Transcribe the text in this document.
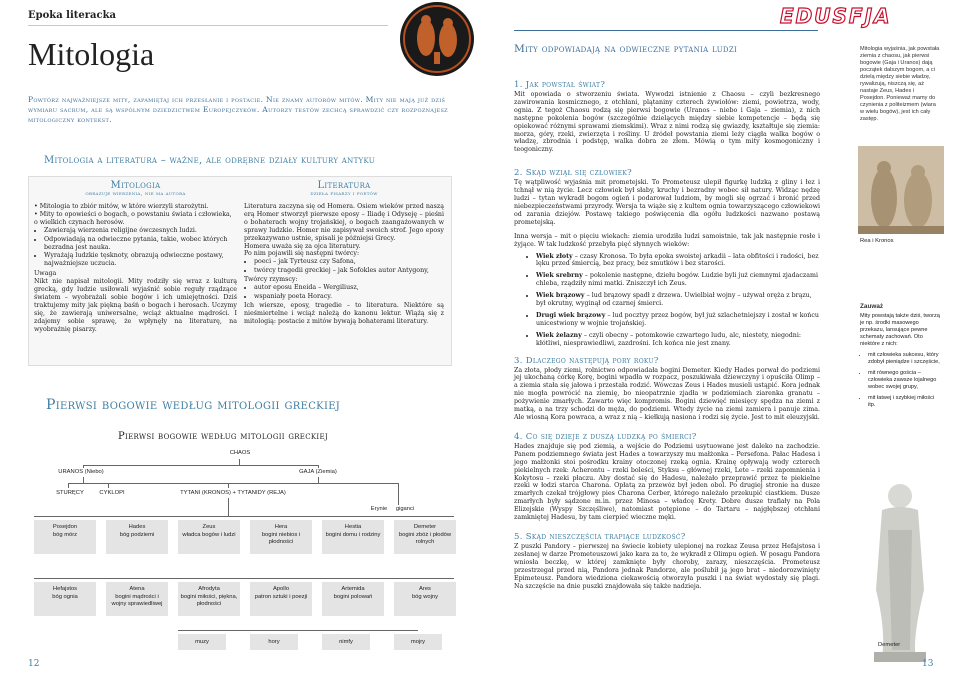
Epoka literacka
Mitologia

Powtórz najważniejsze mity, zapamiętaj ich przesłanie i postacie. Nie znamy autorów mitów. Mity nie mają już dziś wymiaru sacrum, ale są wspólnym dziedzictwem Europejczyków. Autorzy testów zechcą sprawdzić czy rozpoznajesz mitologiczny kontekst.

Mitologia a literatura – ważne, ale odrębne działy kultury antyku
Mitologia
obrazuje wierzenia, nie ma autora

• Mitologia to zbiór mitów, w które wierzyli starożytni.

• Mity to opowieści o bogach, o powstaniu świata i człowieka, o wielkich czynach herosów.

• Zawierają wierzenia religijne ówczesnych ludzi.
• Odpowiadają na odwieczne pytania, takie, wobec których bezradna jest nauka.
• Wyrażają ludzkie tęsknoty, obrazują odwieczne postawy, najważniejsze uczucia.

Uwaga

Nikt nie napisał mitologii. Mity rodziły się wraz z kulturą grecką, gdy ludzie usiłowali wyjaśnić sobie reguły rządzące światem – wyobrażali sobie bogów i ich umiejętności. Dziś traktujemy mity jak piękną baśń o bogach i herosach. Uczymy się, że zawierają uniwersalne, wciąż aktualne mądrości. I zdajemy sobie sprawę, że wpłynęły na literaturę, na wyobraźnię pisarzy.

Literatura
dzieła pisarzy i poetów

Literatura zaczyna się od Homera. Osiem wieków przed naszą erą Homer stworzył pierwsze eposy – Iliadę i Odyseję – pieśni o bohaterach wojny trojańskiej, o bogach zaangażowanych w sprawy ludzkie. Homer nie zapisywał swoich strof. Jego eposy przekazywano ustnie, spisali je późniejsi Grecy.

Homera uważa się za ojca literatury.

Po nim pojawili się następni twórcy:

• poeci – jak Tyrteusz czy Safona,
• twórcy tragedii greckiej – jak Sofokles autor Antygony,

Twórcy rzymscy:

• autor eposu Eneida – Wergiliusz,
• wspaniały poeta Horacy.

Ich wiersze, eposy, tragedie – to literatura. Niektóre są nieśmiertelne i wciąż należą do kanonu lektur. Wiążą się z mitologią: postacie z mitów bywają bohaterami literatury.

Pierwsi bogowie według mitologii greckiej
Pierwsi bogowie według mitologii greckiej
CHAOS
URANOS (Niebo)	GAJA (Ziemia)
STURĘCY	CYKLOPI	TYTANI (KRONOS) + TYTANIDY (REJA)
Erynie	giganci
Posejdon
bóg mórz
Hades
bóg podziemi
Zeus
władca bogów i ludzi
Hera
bogini niebios i płodności
Hestia
bogini domu i rodziny
Demeter
bogini zbóż i płodów rolnych
Hefajstos
bóg ognia
Atena
bogini mądrości i wojny sprawiedliwej
Afrodyta
bogini miłości, piękna, płodności
Apollo
patron sztuki i poezji
Artemida
bogini polowań
Ares
bóg wojny
muzy	hory	nimfy	mojry
12
EDUSFJA
Mity odpowiadają na odwieczne pytania ludzi
1. Jak powstał świat?

Mit opowiada o stworzeniu świata. Wywodzi istnienie z Chaosu – czyli bezkresnego zawirowania kosmicznego, z otchłani, plątaniny czterech żywiołów: ziemi, powietrza, wody, ognia. Z tegoż Chaosu rodzą się pierwsi bogowie (Uranos – niebo i Gaja – ziemia), z nich następne pokolenia bogów (szczególnie dzielących między siebie kompetencje – będą się opiekować różnymi sprawami ziemskimi). Wraz z nimi rodzą się gwiazdy, kształtuje się ziemia: morza, góry, rzeki, zwierzęta i rośliny. U źródeł powstania ziemi leży ciągła walka bogów o władzę, zbrodnia i podstęp, walka dobra ze złem. Mówią o tym mity kosmogoniczny i teogoniczny.

2. Skąd wziął się człowiek?

Tę wątpliwość wyjaśnia mit prometejski. To Prometeusz ulepił figurkę ludzką z gliny i łez i tchnął w nią życie. Lecz człowiek był słaby, kruchy i bezradny wobec sił natury. Widząc nędzę ludzi – tytan wykradł bogom ogień i podarował ludziom, by mogli się ogrzać i bronić przed niebezpieczeństwami przyrody. Wersja ta wiąże się z kultem ognia towarzyszącego człowiekowi od zarania dziejów. Postawę takiego poświęcenia dla ogółu ludzkości nazwano postawą prometejską.

Inna wersja – mit o pięciu wiekach: ziemia urodziła ludzi samoistnie, tak jak następnie rosłe i żyjące. W tak ludzkość przebyła pięć słynnych wieków:

• Wiek złoty – czasy Kronosa. To była epoka swoistej arkadii – lata obfitości i radości, bez lęku przed śmiercią, bez pracy, bez smutków i bez starości.
• Wiek srebrny – pokolenie następne, dziełu bogów. Ludzie byli już ciemnymi zjadaczami chleba, rządziły nimi matki. Zniszczył ich Zeus.
• Wiek brązowy – lud brązowy spadł z drzewa. Uwielbiał wojny – używał oręża z brązu, był okrutny, wyginął od czarnej śmierci.
• Drugi wiek brązowy – lud pocztyy przez bogów, był już szlachetniejszy i został w końcu unicestwiony w wojnie trojańskiej.
• Wiek żelazny – czyli obecny – potomkowie czwartego ludu, alc, niestety, niegodni: kłótliwi, niesprawiedliwi, zazdrośni. Ich końca nie jest znany.
3. Dlaczego następują pory roku?

Za złota, płody ziemi, rolnictwo odpowiadała bogini Demeter. Kiedy Hades porwał do podziemi jej ukochaną córkę Korę, bogini wpadła w rozpacz, poszukiwała dziewczyny i opuściła Olimp – a ziemia stała się jałowa i przestała rodzić. Wówczas Zeus i Hades musieli ustąpić. Kora jednak nie mogła powrócić na ziemię, bo nieopatrznie zjadła w podziemiach ziarenka granatu – pożywienie zmarłych. Zawarto więc kompromis. Bogini dziewięć miesięcy spędza na ziemi z matką, a na trzy schodzi do męża, do podziemi. Wtedy życie na ziemi zamiera i panuje zima. Ale wiosną Kora powraca, a wraz z nią – kiełkują nasiona i rodzi się życie. Jest to mit eleuzyjski.

4. Co się dzieje z duszą ludzką po śmierci?

Hades znajduje się pod ziemią, a wejście do Podziemi usytuowane jest daleko na zachodzie. Panem podziemnego świata jest Hades a towarzyszy mu małżonka – Persefona. Pałac Hadesa i jego małżonki stoi pośrodku krainy otoczonej rzeką ognia. Krainę opływają wody czterech piekielnych rzek: Acherontu – rzeki boleści, Styksu – głównej rzeki, Lete – rzeki zapomnienia i Kokytosu – rzeki płaczu. Aby dostać się do Hadesu, należało przeprawić przez te piekielne rzeki w łodzi starca Charona. Opłatą za przewóz był jeden obol. Po drugiej stronie na dusze zmarłych czekał trójgłowy pies Charona Cerber, którego należało przekupić ciastkiem. Dusze zmarłych były sądzone m.in. przez Minosa – władcę Krety. Dobre dusze trafiały na Pola Elizejskie (Wyspy Szczęśliwe), natomiast potępione – do Tartaru – najgłębszej otchłani zamkniętej Hadesu, by tam cierpieć wieczne męki.

5. Skąd nieszczęścia trapiące ludzkość?

Z puszki Pandory – pierwszej na świecie kobiety ulepionej na rozkaz Zeusa przez Hefajstosa i zesłanej w darze Prometeuszowi jako kara za to, że wykradł z Olimpu ogień. W posagu Pandora wniosła beczkę, w której zamknięte były choroby, zarazy, nieszczęścia. Prometeusz przestrzegał przed nią, Pandora jednak Pandorze, ale poślubił ją jego brat – niedorozwinięty Epimeteusz. Pandora wiedziona ciekawością otworzyła puszki i na świat wydostały się plagi. Na szczęście na dnie puszki znajdowała się także nadzieja.

Mitologia wyjaśnia, jak powstała ziemia z chaosu, jak pierwsi bogowie (Gaja i Uranos) dają początek dalszym bogom, a ci dzielą między siebie władzę, rywalizują, niszczą się, aż nastaje Zeus, Hades i Posejdon. Ponieważ mamy do czynienia z politeizmem (wiara w wielu bogów), jest ich cały zastęp.

Rea i Kronos
Zauważ

Mity powstają także dziś, tworzą je np. środki masowego przekazu, lansujące pewne schematy zachowań. Oto niektóre z nich:

• mit człowieka sukcesu, który zdobył pieniądze i szczęście,
• mit równego gościa – człowieka zawsze lojalnego wobec swojej grupy,
• mit łatwej i szybkiej miłości itp.
Demeter
13
